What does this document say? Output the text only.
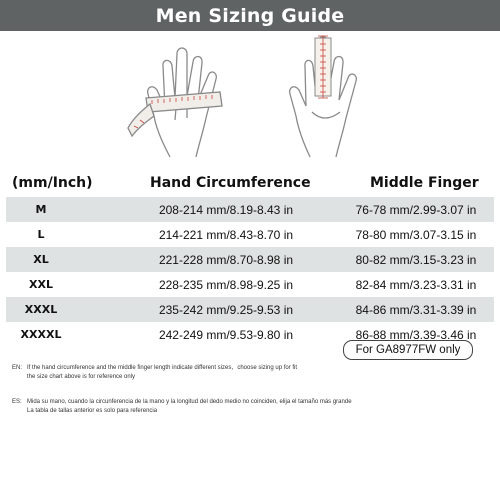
Men Sizing Guide
(mm/Inch)	Hand Circumference	Middle Finger
M	208-214 mm/8.19-8.43 in	76-78 mm/2.99-3.07 in
L	214-221 mm/8.43-8.70 in	78-80 mm/3.07-3.15 in
XL	221-228 mm/8.70-8.98 in	80-82 mm/3.15-3.23 in
XXL	228-235 mm/8.98-9.25 in	82-84 mm/3.23-3.31 in
XXXL	235-242 mm/9.25-9.53 in	84-86 mm/3.31-3.39 in
XXXXL	242-249 mm/9.53-9.80 in	86-88 mm/3.39-3.46 in
For GA8977FW only
EN: If the hand circumference and the middle finger length indicate different sizes，choose sizing up for fit
the size chart above is for reference only
ES: Mida su mano, cuando la circunferencia de la mano y la longitud del dedo medio no coinciden, elija el tamaño más grande
La tabla de tallas anterior es solo para referencia
